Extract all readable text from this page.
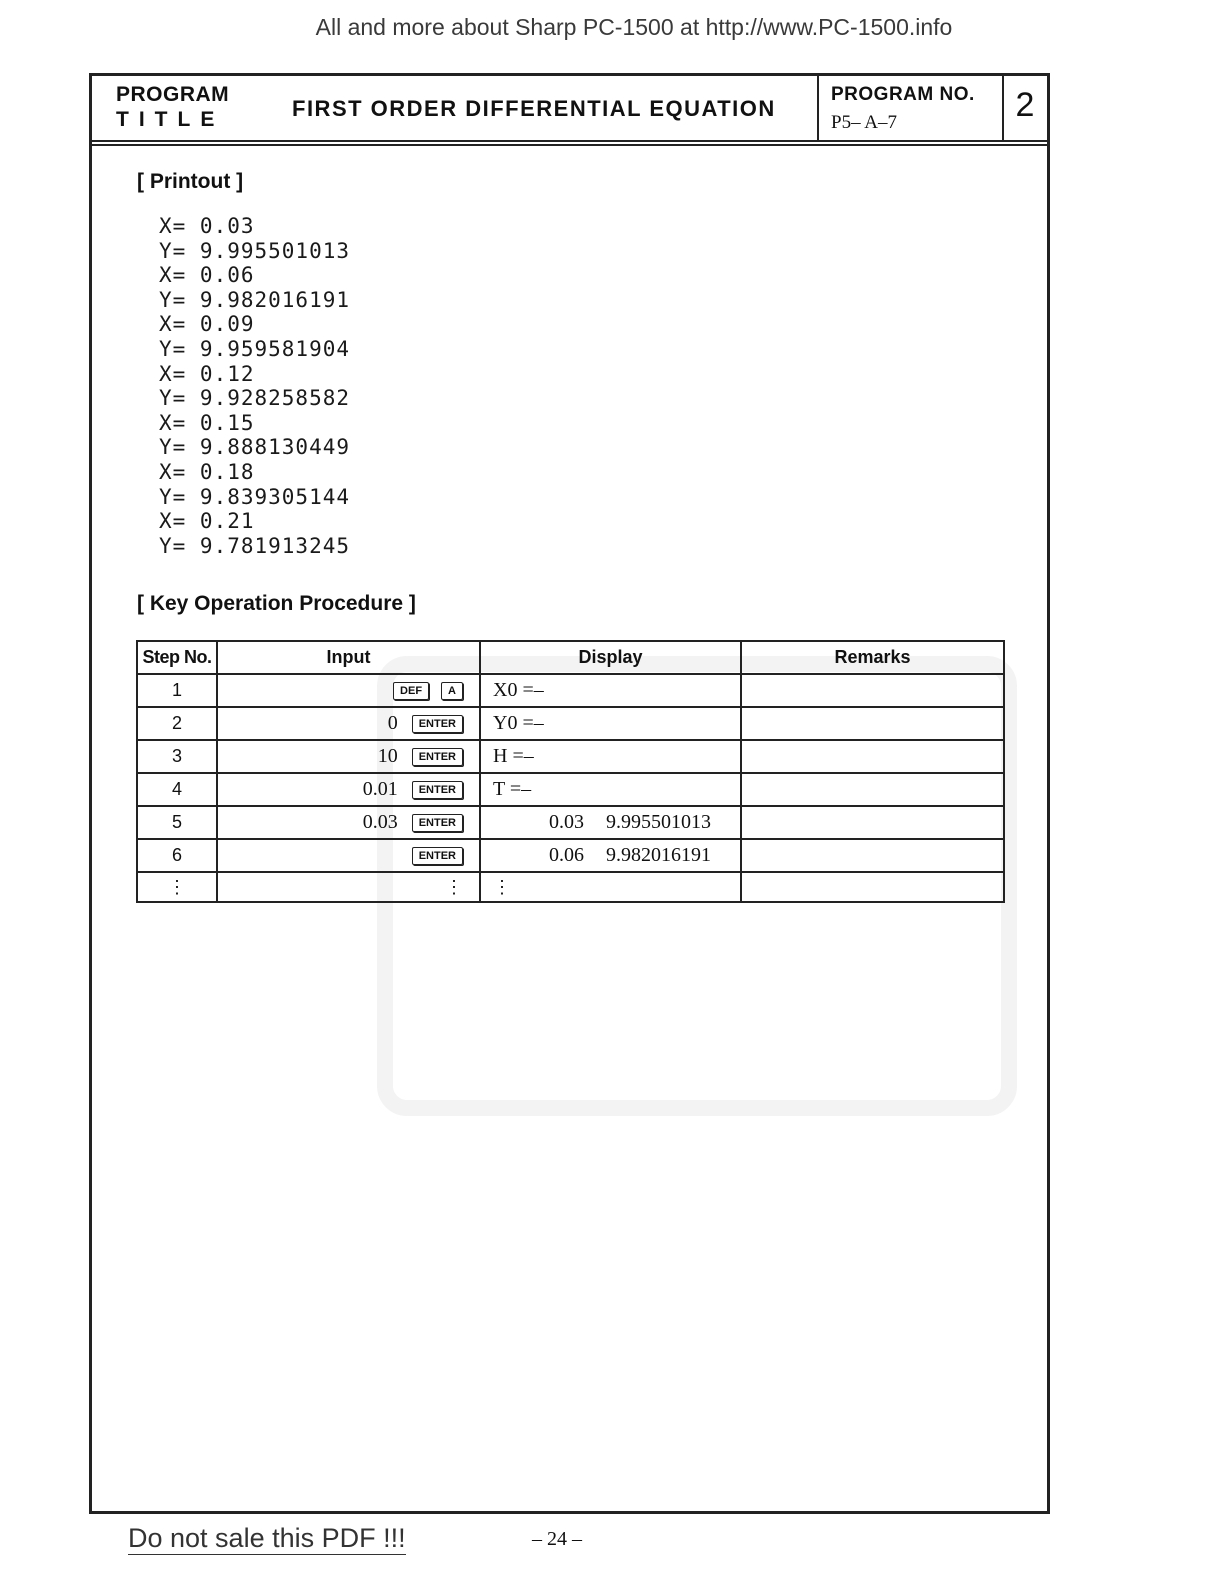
All and more about Sharp PC-1500 at http://www.PC-1500.info
PROGRAM
TITLE	FIRST ORDER DIFFERENTIAL EQUATION
PROGRAM NO.
P5– A–7	2
[ Printout ]
X= 0.03
Y= 9.995501013
X= 0.06
Y= 9.982016191
X= 0.09
Y= 9.959581904
X= 0.12
Y= 9.928258582
X= 0.15
Y= 9.888130449
X= 0.18
Y= 9.839305144
X= 0.21
Y= 9.781913245
[ Key Operation Procedure ]
Step No.	Input	Display	Remarks
1	DEF A	X0 =–	
2	0 ENTER	Y0 =–	
3	10 ENTER	H =–	
4	0.01 ENTER	T =–	
5	0.03 ENTER	0.03 9.995501013	
6	ENTER	0.06 9.982016191	
⋮	⋮	⋮	
Do not sale this PDF !!!	– 24 –
